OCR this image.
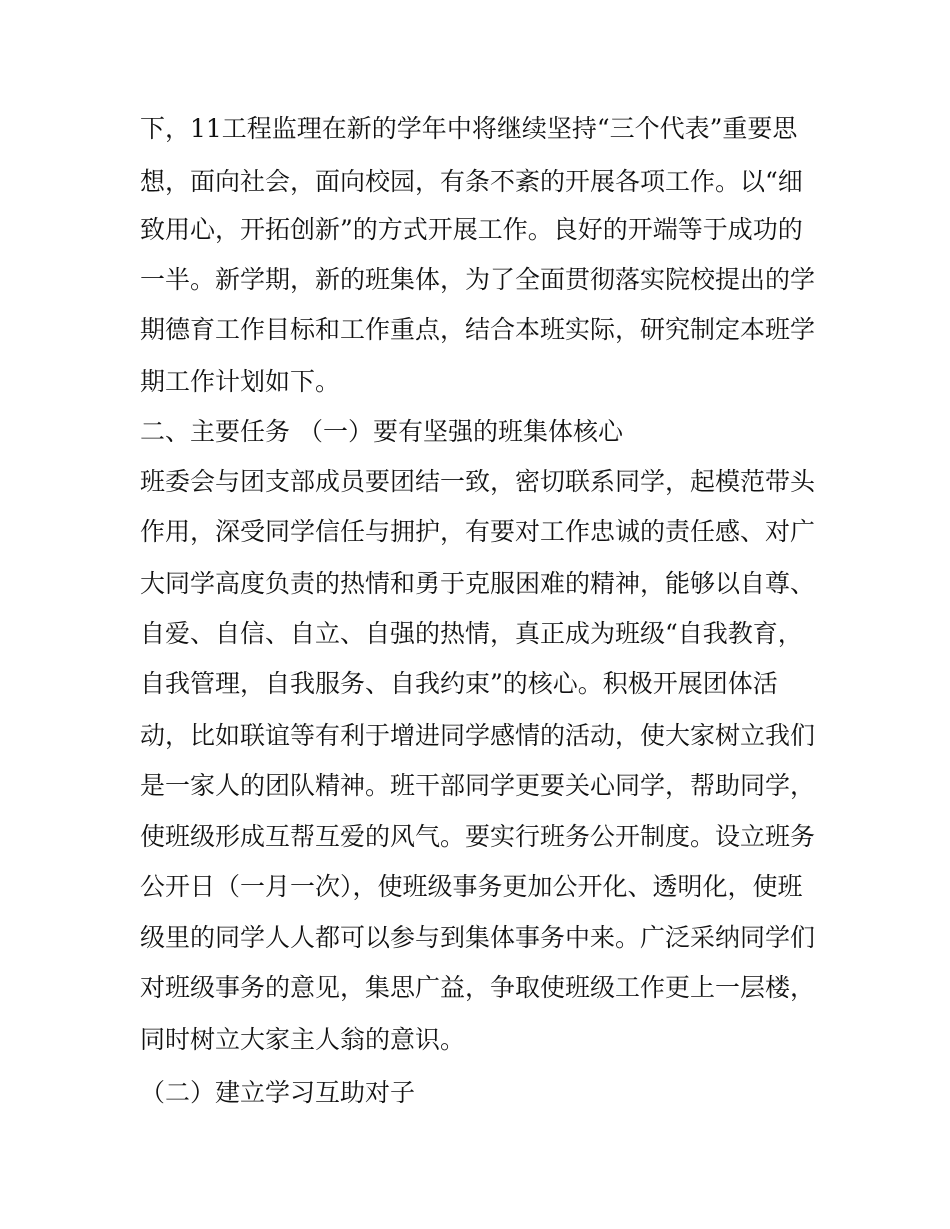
下，11工程监理在新的学年中将继续坚持“三个代表”重要思
想，面向社会，面向校园，有条不紊的开展各项工作。以“细
致用心，开拓创新”的方式开展工作。良好的开端等于成功的
一半。新学期，新的班集体，为了全面贯彻落实院校提出的学
期德育工作目标和工作重点，结合本班实际，研究制定本班学
期工作计划如下。
二、主要任务 （一）要有坚强的班集体核心
班委会与团支部成员要团结一致，密切联系同学，起模范带头
作用，深受同学信任与拥护，有要对工作忠诚的责任感、对广
大同学高度负责的热情和勇于克服困难的精神，能够以自尊、
自爱、自信、自立、自强的热情，真正成为班级“自我教育，
自我管理，自我服务、自我约束”的核心。积极开展团体活
动，比如联谊等有利于增进同学感情的活动，使大家树立我们
是一家人的团队精神。班干部同学更要关心同学，帮助同学，
使班级形成互帮互爱的风气。要实行班务公开制度。设立班务
公开日（一月一次），使班级事务更加公开化、透明化，使班
级里的同学人人都可以参与到集体事务中来。广泛采纳同学们
对班级事务的意见，集思广益，争取使班级工作更上一层楼，
同时树立大家主人翁的意识。
（二）建立学习互助对子
